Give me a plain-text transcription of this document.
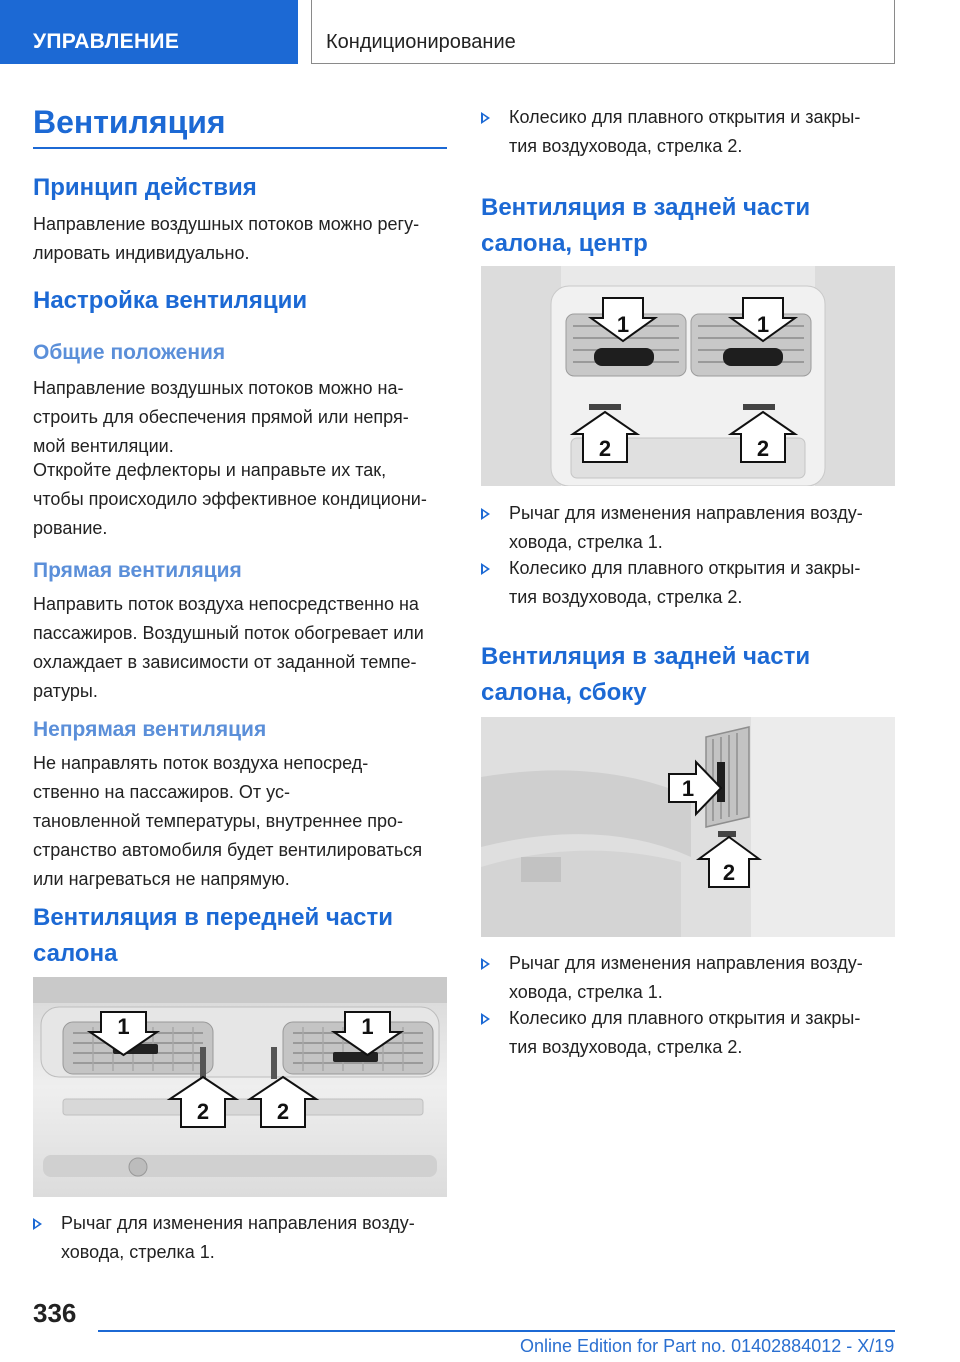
УПРАВЛЕНИЕ	Кондиционирование
Вентиляция
Принцип действия
Направление воздушных потоков можно регу-
лировать индивидуально.
Настройка вентиляции
Общие положения
Направление воздушных потоков можно на-
строить для обеспечения прямой или непря-
мой вентиляции.
Откройте дефлекторы и направьте их так,
чтобы происходило эффективное кондициони-
рование.
Прямая вентиляция
Направить поток воздуха непосредственно на
пассажиров. Воздушный поток обогревает или
охлаждает в зависимости от заданной темпе-
ратуры.
Непрямая вентиляция
Не направлять поток воздуха непосред-
ственно на пассажиров. От ус-
тановленной температуры, внутреннее про-
странство автомобиля будет вентилироваться
или нагреваться не напрямую.
Вентиляция в передней части
салона
1	1
2	2
Рычаг для изменения направления возду-
ховода, стрелка 1.
Колесико для плавного открытия и закры-
тия воздуховода, стрелка 2.
Вентиляция в задней части
салона, центр
1	1
2	2
Рычаг для изменения направления возду-
ховода, стрелка 1.
Колесико для плавного открытия и закры-
тия воздуховода, стрелка 2.
Вентиляция в задней части
салона, сбоку
1
2
Рычаг для изменения направления возду-
ховода, стрелка 1.
Колесико для плавного открытия и закры-
тия воздуховода, стрелка 2.
336
Online Edition for Part no. 01402884012 - X/19
